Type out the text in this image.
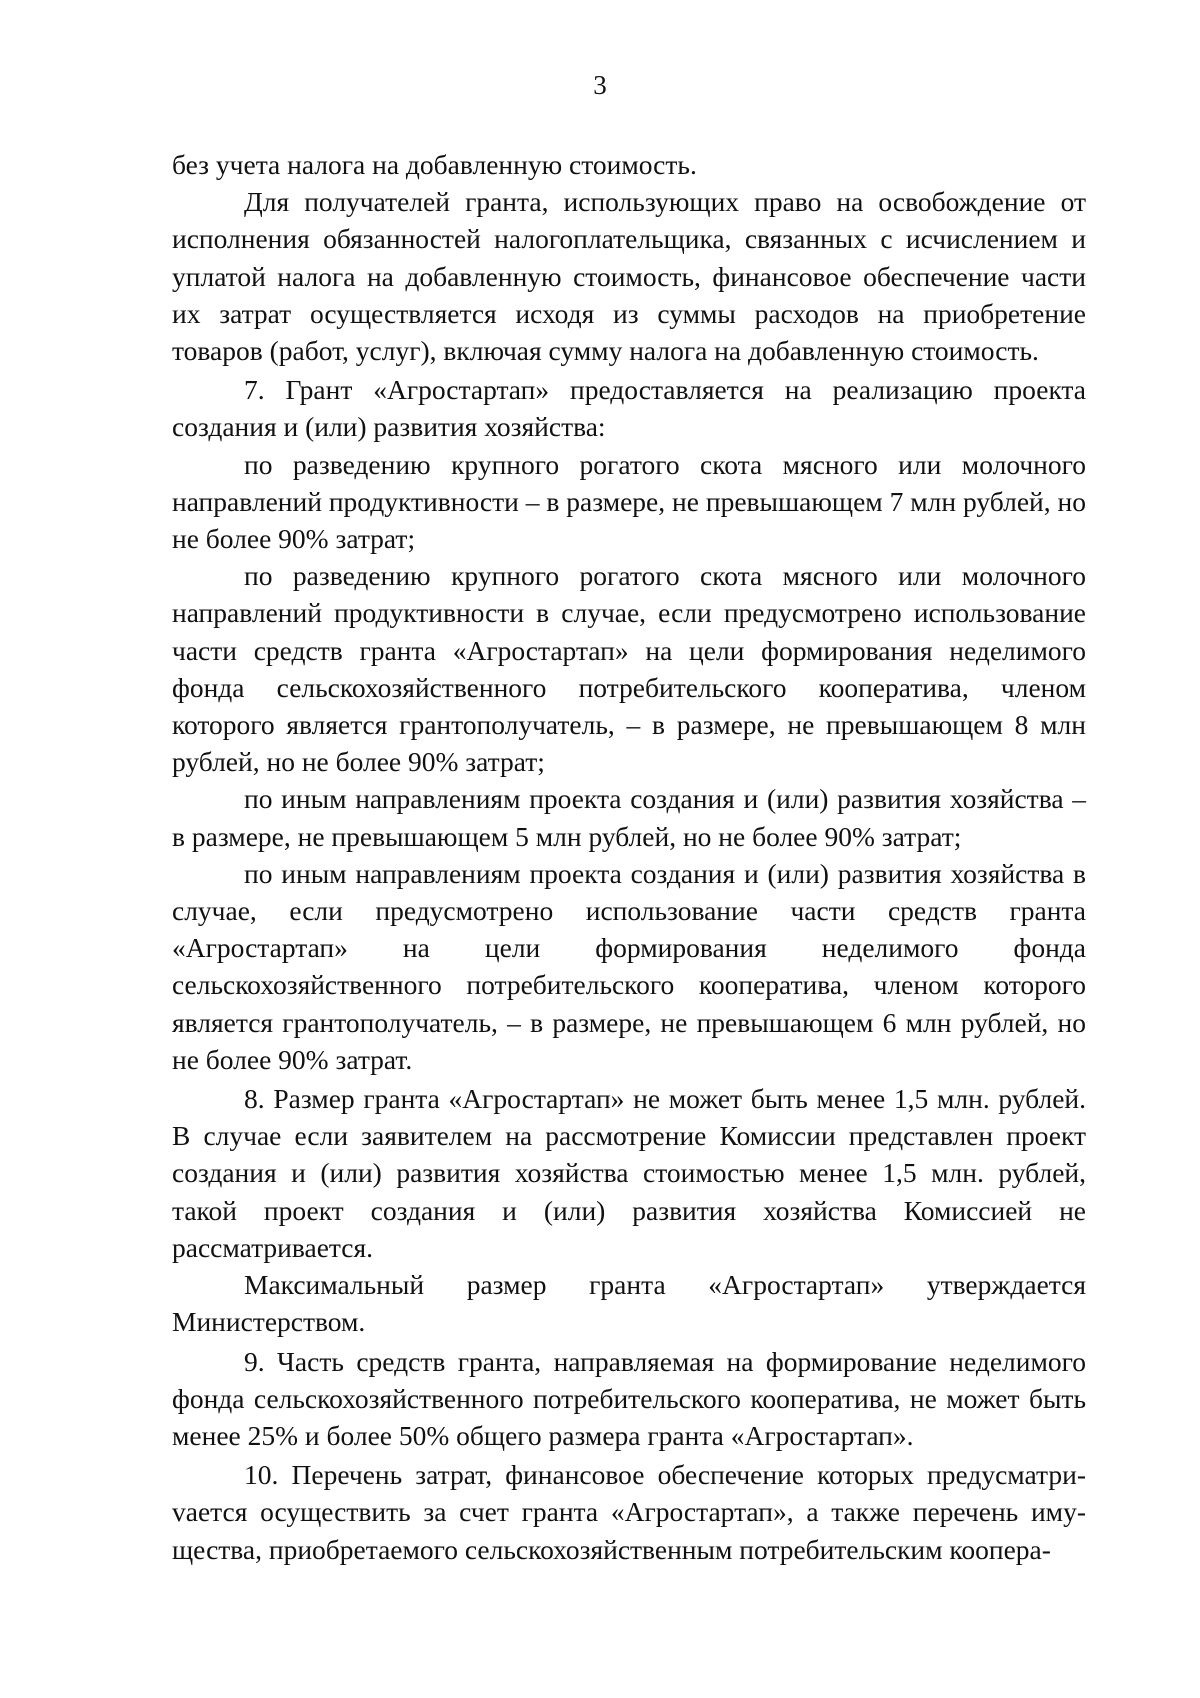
3

без учета налога на добавленную стоимость.

Для получателей гранта, использующих право на освобождение от исполнения обязанностей налогоплательщика, связанных с исчислением и уплатой налога на добавленную стоимость, финансовое обеспечение части их затрат осуществляется исходя из суммы расходов на приобретение товаров (работ, услуг), включая сумму налога на добавленную стоимость.

7. Грант «Агростартап» предоставляется на реализацию проекта создания и (или) развития хозяйства:

по разведению крупного рогатого скота мясного или молочного направлений продуктивности – в размере, не превышающем 7 млн рублей, но не более 90% затрат;

по разведению крупного рогатого скота мясного или молочного направлений продуктивности в случае, если предусмотрено использование части средств гранта «Агростартап» на цели формирования неделимого фонда сельскохозяйственного потребительского кооператива, членом которого является грантополучатель, – в размере, не превышающем 8 млн рублей, но не более 90% затрат;

по иным направлениям проекта создания и (или) развития хозяйства – в размере, не превышающем 5 млн рублей, но не более 90% затрат;

по иным направлениям проекта создания и (или) развития хозяйства в случае, если предусмотрено использование части средств гранта «Агростартап» на цели формирования неделимого фонда сельскохозяйственного потребительского кооператива, членом которого является грантополучатель, – в размере, не превышающем 6 млн рублей, но не более 90% затрат.

8. Размер гранта «Агростартап» не может быть менее 1,5 млн. рублей. В случае если заявителем на рассмотрение Комиссии представлен проект создания и (или) развития хозяйства стоимостью менее 1,5 млн. рублей, такой проект создания и (или) развития хозяйства Комиссией не рассматривается.

Максимальный размер гранта «Агростартап» утверждается Министерством.

9. Часть средств гранта, направляемая на формирование неделимого фонда сельскохозяйственного потребительского кооператива, не может быть менее 25% и более 50% общего размера гранта «Агростартап».

10. Перечень затрат, финансовое обеспечение которых предусматриvается осуществить за счет гранта «Агростартап», а также перечень имущества, приобретаемого сельскохозяйственным потребительским коопера-
